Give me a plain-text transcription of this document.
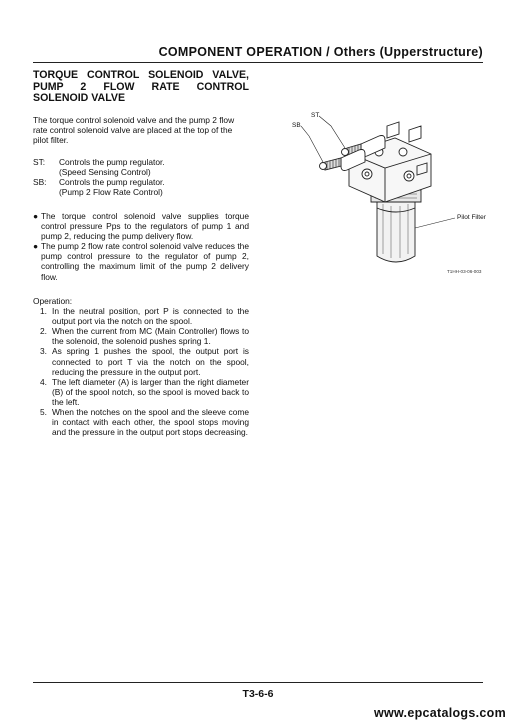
COMPONENT OPERATION / Others (Upperstructure)
TORQUE CONTROL SOLENOID VALVE, PUMP 2 FLOW RATE CONTROL SOLENOID VALVE
The torque control solenoid valve and the pump 2 flow rate control solenoid valve are placed at the top of the pilot filter.
ST:	Controls the pump regulator.
(Speed Sensing Control)
SB:	Controls the pump regulator.
(Pump 2 Flow Rate Control)
● The torque control solenoid valve supplies torque control pressure Pps to the regulators of pump 1 and pump 2, reducing the pump delivery flow.
● The pump 2 flow rate control solenoid valve reduces the pump control pressure to the regulator of pump 2, controlling the maximum limit of the pump 2 delivery flow.
Operation:
1. In the neutral position, port P is connected to the output port via the notch on the spool.
2. When the current from MC (Main Controller) flows to the solenoid, the solenoid pushes spring 1.
3. As spring 1 pushes the spool, the output port is connected to port T via the notch on the spool, reducing the pressure in the output port.
4. The left diameter (A) is larger than the right diameter (B) of the spool notch, so the spool is moved back to the left.
5. When the notches on the spool and the sleeve come in contact with each other, the spool stops moving and the pressure in the output port stops decreasing.
ST
SB
Pilot Filter
T1HH-03-06-003
T3-6-6
www.epcatalogs.com
